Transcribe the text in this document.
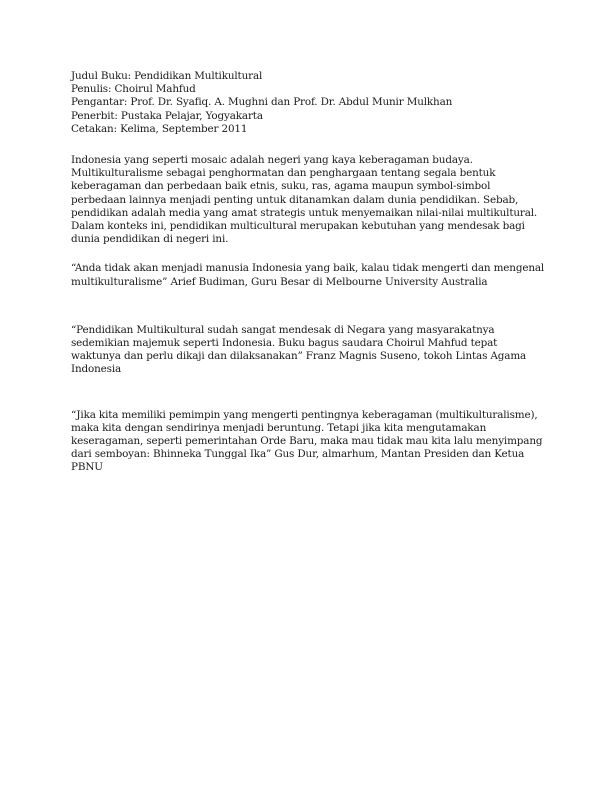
Judul Buku: Pendidikan Multikultural
Penulis: Choirul Mahfud
Pengantar: Prof. Dr. Syafiq. A. Mughni dan Prof. Dr. Abdul Munir Mulkhan
Penerbit: Pustaka Pelajar, Yogyakarta
Cetakan: Kelima, September 2011

Indonesia yang seperti mosaic adalah negeri yang kaya keberagaman budaya. Multikulturalisme sebagai penghormatan dan penghargaan tentang segala bentuk keberagaman dan perbedaan baik etnis, suku, ras, agama maupun symbol-simbol perbedaan lainnya menjadi penting untuk ditanamkan dalam dunia pendidikan. Sebab, pendidikan adalah media yang amat strategis untuk menyemaikan nilai-nilai multikultural. Dalam konteks ini, pendidikan multicultural merupakan kebutuhan yang mendesak bagi dunia pendidikan di negeri ini.

“Anda tidak akan menjadi manusia Indonesia yang baik, kalau tidak mengerti dan mengenal multikulturalisme” Arief Budiman, Guru Besar di Melbourne University Australia

“Pendidikan Multikultural sudah sangat mendesak di Negara yang masyarakatnya sedemikian majemuk seperti Indonesia. Buku bagus saudara Choirul Mahfud tepat waktunya dan perlu dikaji dan dilaksanakan” Franz Magnis Suseno, tokoh Lintas Agama Indonesia

“Jika kita memiliki pemimpin yang mengerti pentingnya keberagaman (multikulturalisme), maka kita dengan sendirinya menjadi beruntung. Tetapi jika kita mengutamakan keseragaman, seperti pemerintahan Orde Baru, maka mau tidak mau kita lalu menyimpang dari semboyan: Bhinneka Tunggal Ika” Gus Dur, almarhum, Mantan Presiden dan Ketua PBNU
